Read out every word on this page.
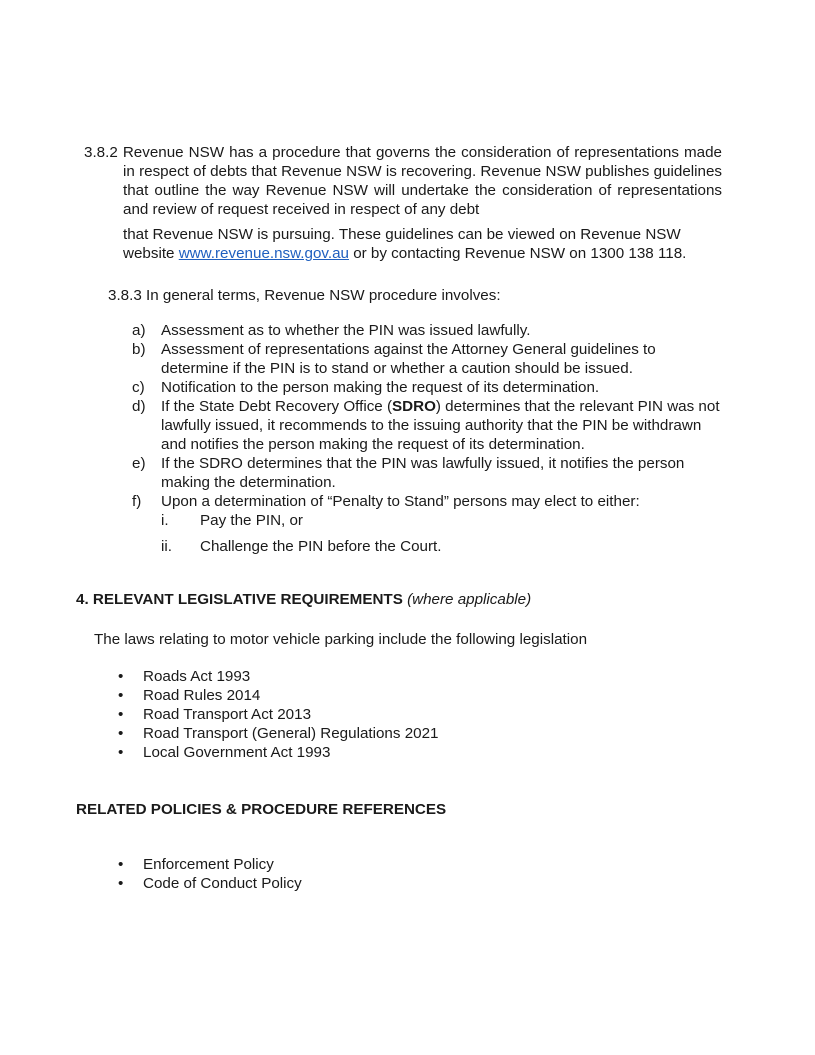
3.8.2 Revenue NSW has a procedure that governs the consideration of representations made in respect of debts that Revenue NSW is recovering. Revenue NSW publishes guidelines that outline the way Revenue NSW will undertake the consideration of representations and review of request received in respect of any debt
that Revenue NSW is pursuing. These guidelines can be viewed on Revenue NSW
website www.revenue.nsw.gov.au or by contacting Revenue NSW on 1300 138 118.
3.8.3 In general terms, Revenue NSW procedure involves:
a) Assessment as to whether the PIN was issued lawfully.
b) Assessment of representations against the Attorney General guidelines to determine if the PIN is to stand or whether a caution should be issued.
c) Notification to the person making the request of its determination.
d) If the State Debt Recovery Office (SDRO) determines that the relevant PIN was not lawfully issued, it recommends to the issuing authority that the PIN be withdrawn and notifies the person making the request of its determination.
e) If the SDRO determines that the PIN was lawfully issued, it notifies the person making the determination.
f) Upon a determination of “Penalty to Stand” persons may elect to either:
i. Pay the PIN, or
ii. Challenge the PIN before the Court.
4. RELEVANT LEGISLATIVE REQUIREMENTS (where applicable)
The laws relating to motor vehicle parking include the following legislation
• Roads Act 1993
• Road Rules 2014
• Road Transport Act 2013
• Road Transport (General) Regulations 2021
• Local Government Act 1993
RELATED POLICIES & PROCEDURE REFERENCES
• Enforcement Policy
• Code of Conduct Policy
